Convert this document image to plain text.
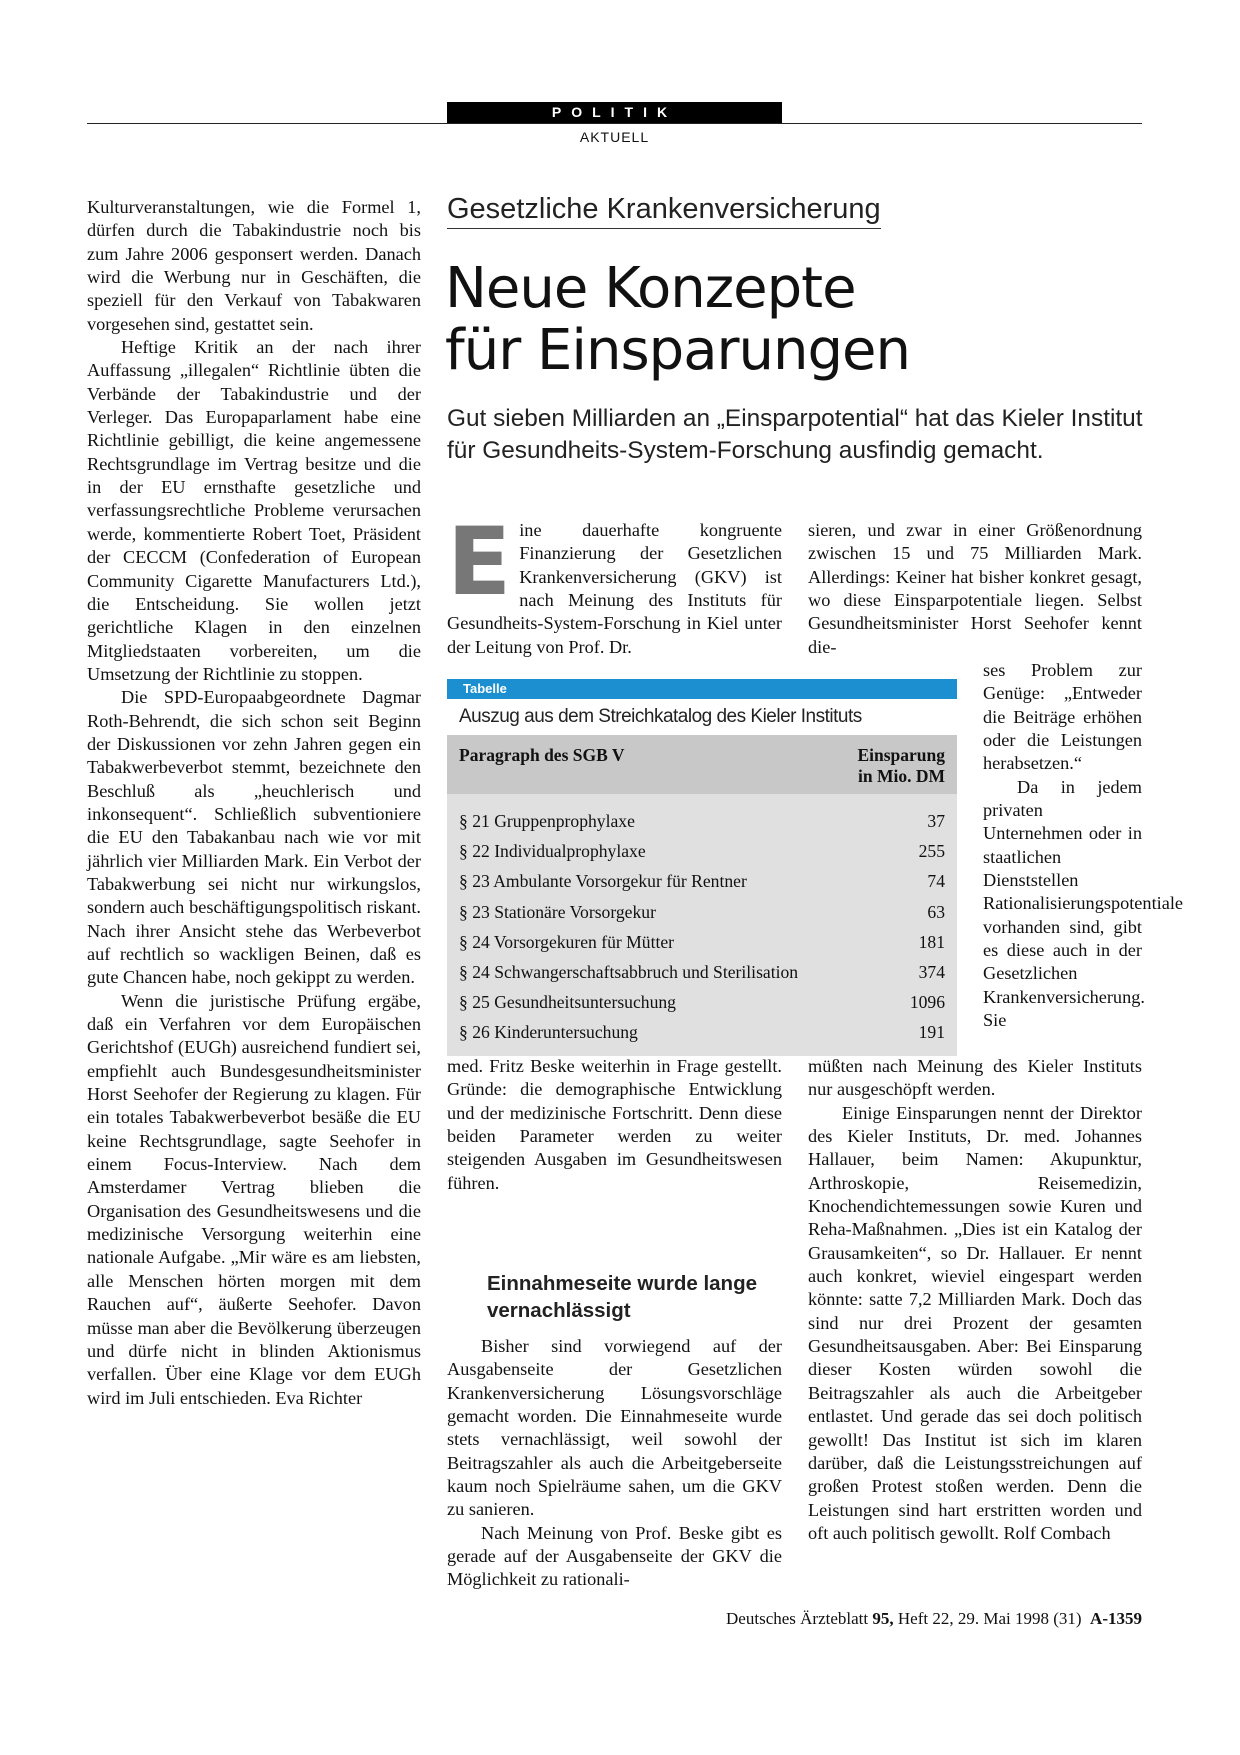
POLITIK
AKTUELL

Kulturveranstaltungen, wie die Formel 1, dürfen durch die Tabakindustrie noch bis zum Jahre 2006 gesponsert werden. Danach wird die Werbung nur in Geschäften, die speziell für den Verkauf von Tabakwaren vorgesehen sind, gestattet sein.

Heftige Kritik an der nach ihrer Auffassung „illegalen“ Richtlinie übten die Verbände der Tabakindustrie und der Verleger. Das Europaparlament habe eine Richtlinie gebilligt, die keine angemessene Rechtsgrundlage im Vertrag besitze und die in der EU ernsthafte gesetzliche und verfassungsrechtliche Probleme verursachen werde, kommentierte Robert Toet, Präsident der CECCM (Confederation of European Community Cigarette Manufacturers Ltd.), die Entscheidung. Sie wollen jetzt gerichtliche Klagen in den einzelnen Mitgliedstaaten vorbereiten, um die Umsetzung der Richtlinie zu stoppen.

Die SPD-Europaabgeordnete Dagmar Roth-Behrendt, die sich schon seit Beginn der Diskussionen vor zehn Jahren gegen ein Tabakwerbeverbot stemmt, bezeichnete den Beschluß als „heuchlerisch und inkonsequent“. Schließlich subventioniere die EU den Tabakanbau nach wie vor mit jährlich vier Milliarden Mark. Ein Verbot der Tabakwerbung sei nicht nur wirkungslos, sondern auch beschäftigungspolitisch riskant. Nach ihrer Ansicht stehe das Werbeverbot auf rechtlich so wackligen Beinen, daß es gute Chancen habe, noch gekippt zu werden.

Wenn die juristische Prüfung ergäbe, daß ein Verfahren vor dem Europäischen Gerichtshof (EUGh) ausreichend fundiert sei, empfiehlt auch Bundesgesundheitsminister Horst Seehofer der Regierung zu klagen. Für ein totales Tabakwerbeverbot besäße die EU keine Rechtsgrundlage, sagte Seehofer in einem Focus-Interview. Nach dem Amsterdamer Vertrag blieben die Organisation des Gesundheitswesens und die medizinische Versorgung weiterhin eine nationale Aufgabe. „Mir wäre es am liebsten, alle Menschen hörten morgen mit dem Rauchen auf“, äußerte Seehofer. Davon müsse man aber die Bevölkerung überzeugen und dürfe nicht in blinden Aktionismus verfallen. Über eine Klage vor dem EUGh wird im Juli entschieden. Eva Richter

Gesetzliche Krankenversicherung
Neue Konzepte
für Einsparungen
Gut sieben Milliarden an „Einsparpotential“ hat das Kieler Institut für Gesundheits-System-Forschung ausfindig gemacht.
E ine dauerhafte kongruente Finanzierung der Gesetzlichen Krankenversicherung (GKV) ist nach Meinung des Instituts für Gesundheits-System-Forschung in Kiel unter der Leitung von Prof. Dr.

sieren, und zwar in einer Größenordnung zwischen 15 und 75 Milliarden Mark. Allerdings: Keiner hat bisher konkret gesagt, wo diese Einsparpotentiale liegen. Selbst Gesundheitsminister Horst Seehofer kennt die-

ses Problem zur Genüge: „Entweder die Beiträge erhöhen oder die Leistungen herabsetzen.“

Da in jedem privaten Unternehmen oder in staatlichen Dienststellen Rationalisierungspotentiale vorhanden sind, gibt es diese auch in der Gesetzlichen Krankenversicherung. Sie

Tabelle
Auszug aus dem Streichkatalog des Kieler Instituts
Paragraph des SGB V	Einsparung
in Mio. DM
§ 21 Gruppenprophylaxe	37
§ 22 Individualprophylaxe	255
§ 23 Ambulante Vorsorgekur für Rentner	74
§ 23 Stationäre Vorsorgekur	63
§ 24 Vorsorgekuren für Mütter	181
§ 24 Schwangerschaftsabbruch und Sterilisation	374
§ 25 Gesundheitsuntersuchung	1096
§ 26 Kinderuntersuchung	191

med. Fritz Beske weiterhin in Frage gestellt. Gründe: die demographische Entwicklung und der medizinische Fortschritt. Denn diese beiden Parameter werden zu weiter steigenden Ausgaben im Gesundheitswesen führen.

Einnahmeseite wurde lange vernachlässigt

Bisher sind vorwiegend auf der Ausgabenseite der Gesetzlichen Krankenversicherung Lösungsvorschläge gemacht worden. Die Einnahmeseite wurde stets vernachlässigt, weil sowohl der Beitragszahler als auch die Arbeitgeberseite kaum noch Spielräume sahen, um die GKV zu sanieren.

Nach Meinung von Prof. Beske gibt es gerade auf der Ausgabenseite der GKV die Möglichkeit zu rationali-

müßten nach Meinung des Kieler Instituts nur ausgeschöpft werden.

Einige Einsparungen nennt der Direktor des Kieler Instituts, Dr. med. Johannes Hallauer, beim Namen: Akupunktur, Arthroskopie, Reisemedizin, Knochendichtemessungen sowie Kuren und Reha-Maßnahmen. „Dies ist ein Katalog der Grausamkeiten“, so Dr. Hallauer. Er nennt auch konkret, wieviel eingespart werden könnte: satte 7,2 Milliarden Mark. Doch das sind nur drei Prozent der gesamten Gesundheitsausgaben. Aber: Bei Einsparung dieser Kosten würden sowohl die Beitragszahler als auch die Arbeitgeber entlastet. Und gerade das sei doch politisch gewollt! Das Institut ist sich im klaren darüber, daß die Leistungsstreichungen auf großen Protest stoßen werden. Denn die Leistungen sind hart erstritten worden und oft auch politisch gewollt. Rolf Combach

Deutsches Ärzteblatt 95, Heft 22, 29. Mai 1998 (31) A-1359
